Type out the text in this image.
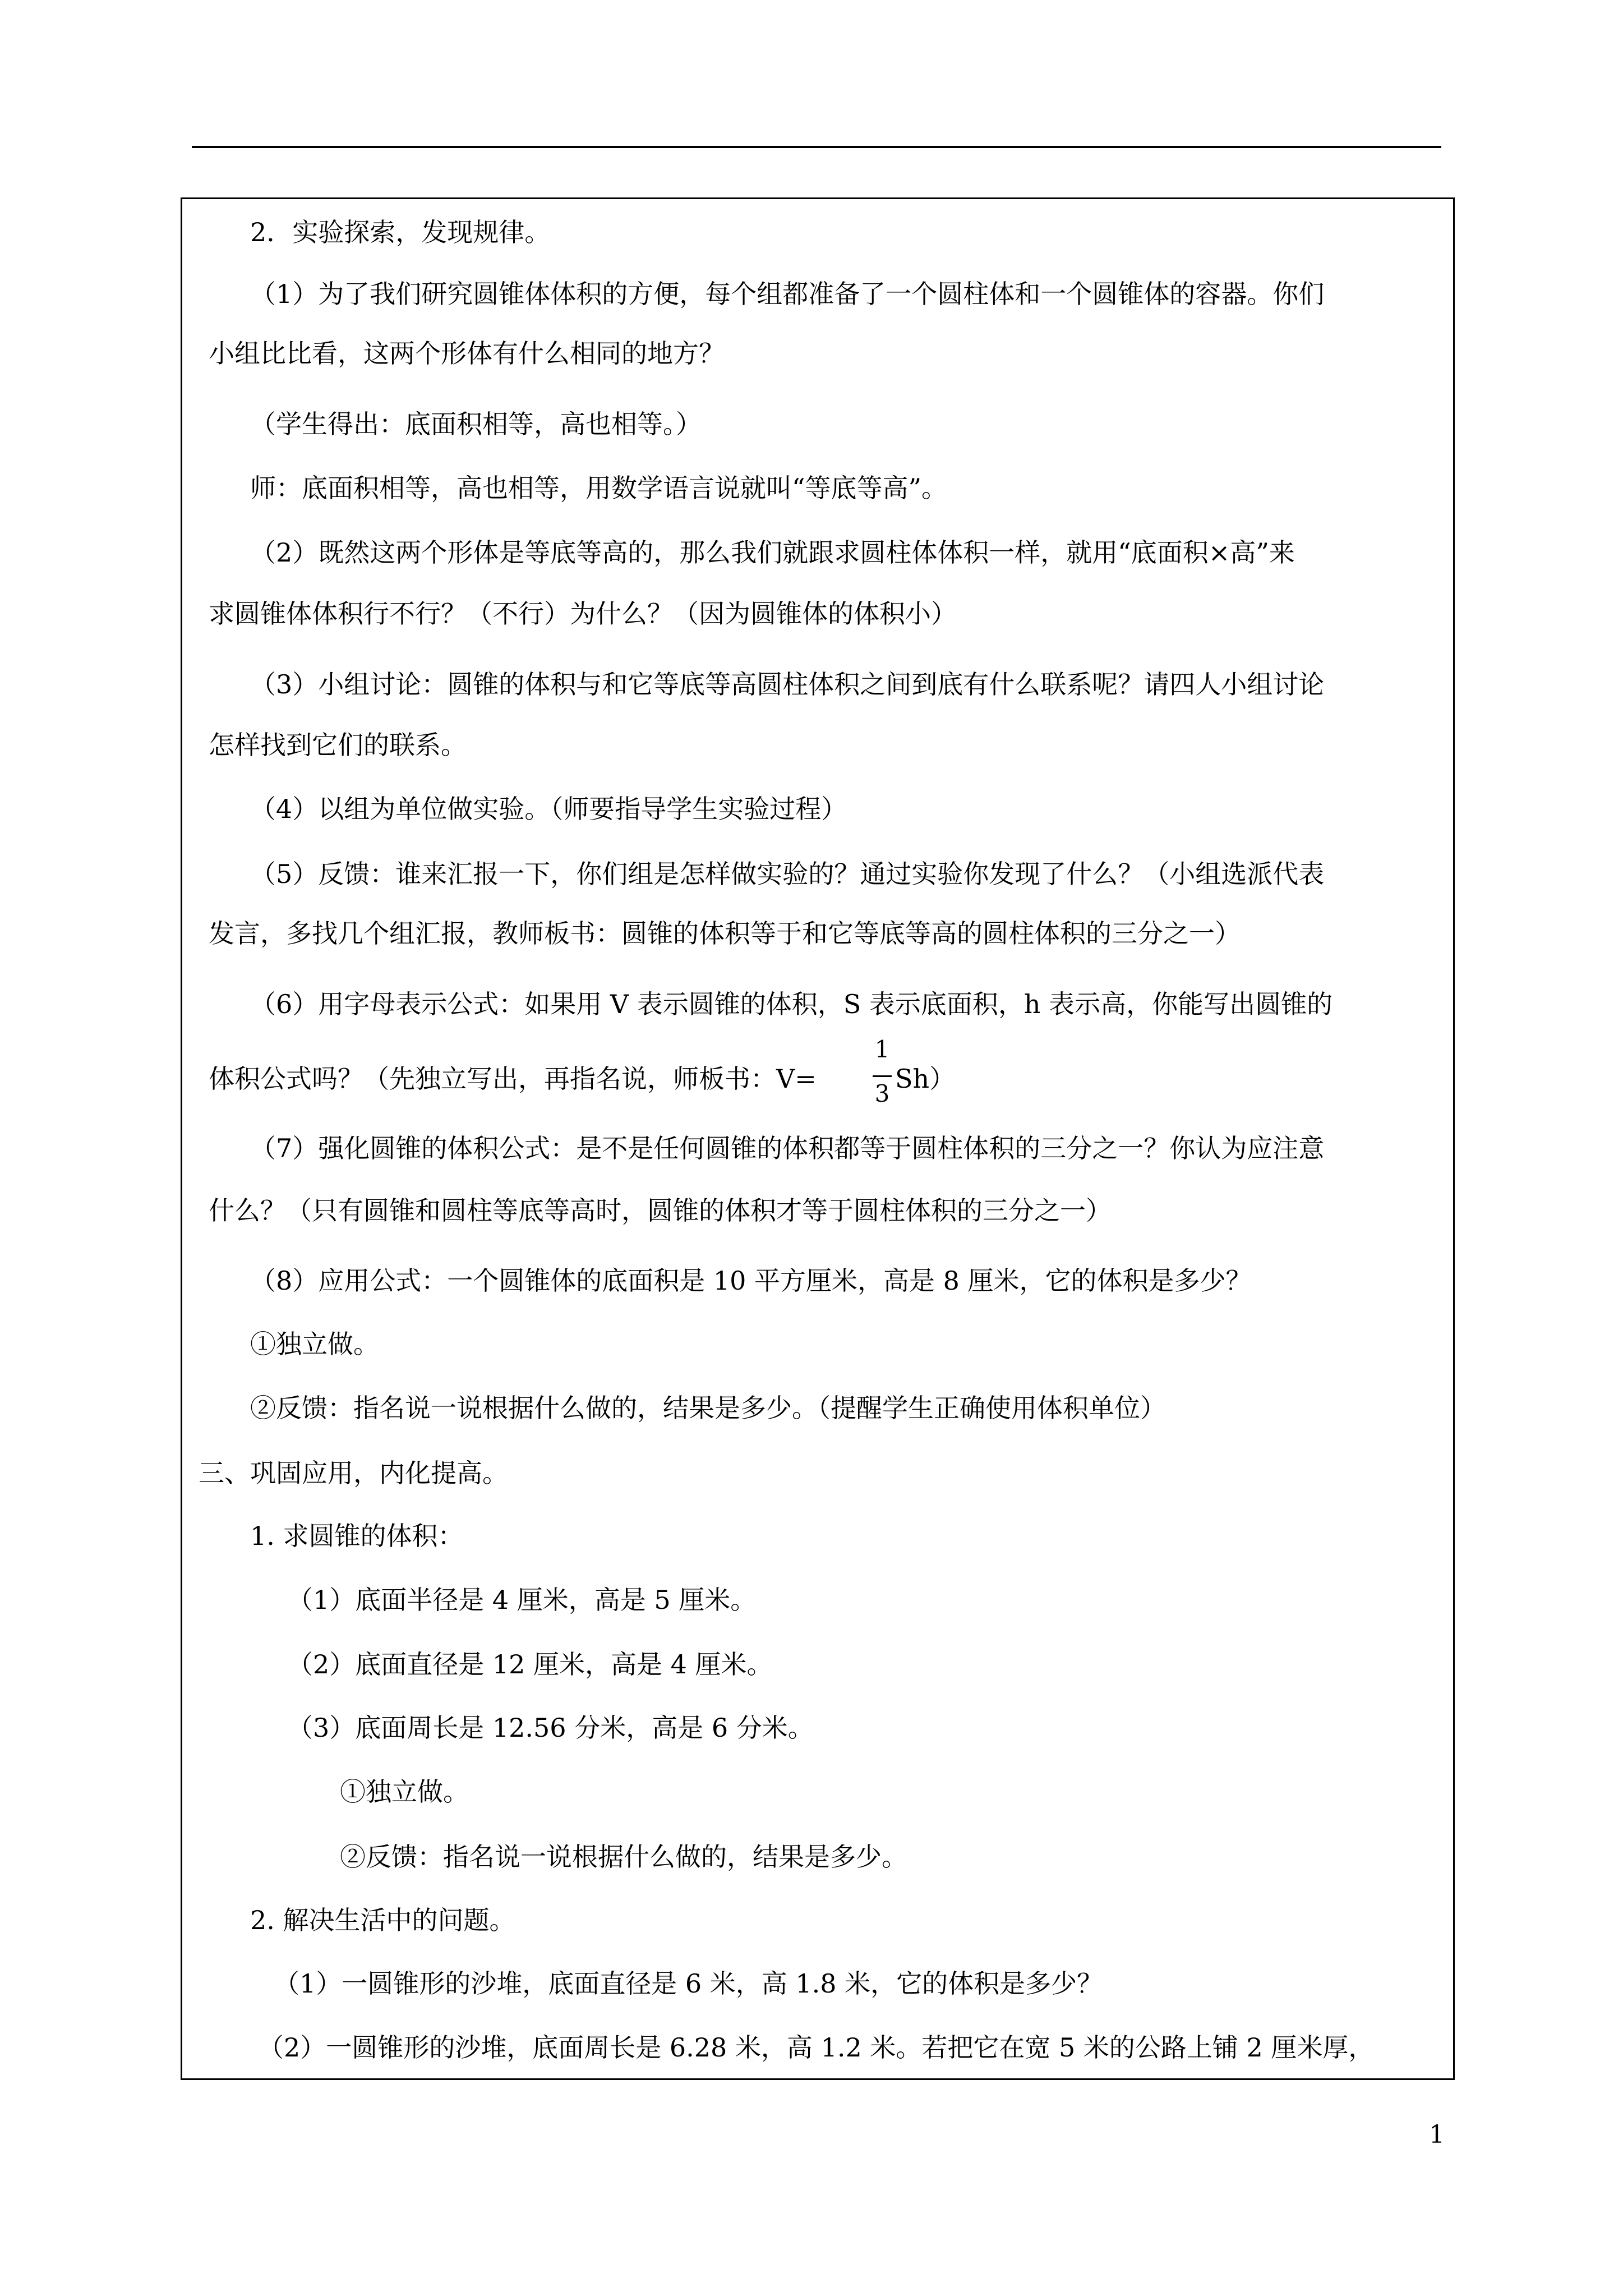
2．实验探索，发现规律。
（1）为了我们研究圆锥体体积的方便，每个组都准备了一个圆柱体和一个圆锥体的容器。你们
小组比比看，这两个形体有什么相同的地方？
（学生得出：底面积相等，高也相等。）
师：底面积相等，高也相等，用数学语言说就叫“等底等高”。
（2）既然这两个形体是等底等高的，那么我们就跟求圆柱体体积一样，就用“底面积×高”来
求圆锥体体积行不行？（不行）为什么？（因为圆锥体的体积小）
（3）小组讨论：圆锥的体积与和它等底等高圆柱体积之间到底有什么联系呢？请四人小组讨论
怎样找到它们的联系。
（4）以组为单位做实验。（师要指导学生实验过程）
（5）反馈：谁来汇报一下，你们组是怎样做实验的？通过实验你发现了什么？（小组选派代表
发言，多找几个组汇报，教师板书：圆锥的体积等于和它等底等高的圆柱体积的三分之一）
（6）用字母表示公式：如果用 V 表示圆锥的体积，S 表示底面积，h 表示高，你能写出圆锥的
体积公式吗？（先独立写出，再指名说，师板书：V=
1
3 Sh）
（7）强化圆锥的体积公式：是不是任何圆锥的体积都等于圆柱体积的三分之一？你认为应注意
什么？（只有圆锥和圆柱等底等高时，圆锥的体积才等于圆柱体积的三分之一）
（8）应用公式：一个圆锥体的底面积是 10 平方厘米，高是 8 厘米，它的体积是多少？
①独立做。
②反馈：指名说一说根据什么做的，结果是多少。（提醒学生正确使用体积单位）
三、巩固应用，内化提高。
1. 求圆锥的体积：
（1）底面半径是 4 厘米，高是 5 厘米。
（2）底面直径是 12 厘米，高是 4 厘米。
（3）底面周长是 12.56 分米，高是 6 分米。
①独立做。
②反馈：指名说一说根据什么做的，结果是多少。
2. 解决生活中的问题。
（1）一圆锥形的沙堆，底面直径是 6 米，高 1.8 米，它的体积是多少？
（2）一圆锥形的沙堆，底面周长是 6.28 米，高 1.2 米。若把它在宽 5 米的公路上铺 2 厘米厚，
1
